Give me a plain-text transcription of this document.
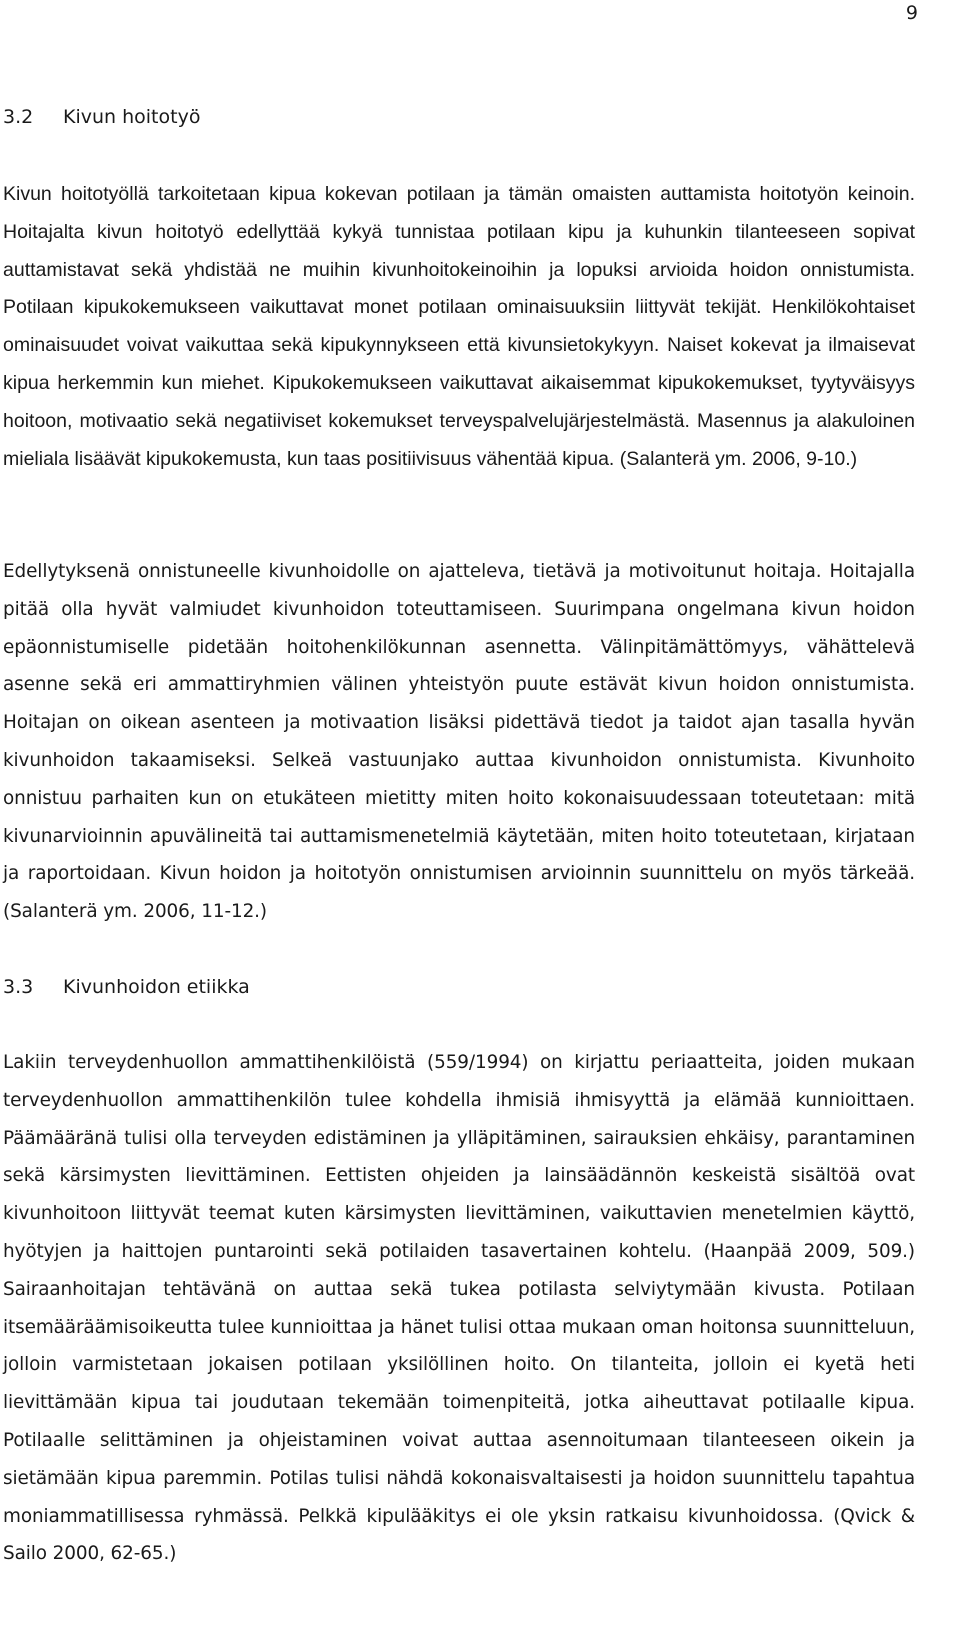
9

3.2 Kivun hoitotyö

Kivun hoitotyöllä tarkoitetaan kipua kokevan potilaan ja tämän omaisten auttamista hoitotyön keinoin. Hoitajalta kivun hoitotyö edellyttää kykyä tunnistaa potilaan kipu ja kuhunkin tilanteeseen sopivat auttamistavat sekä yhdistää ne muihin kivunhoitokeinoihin ja lopuksi arvioida hoidon onnistumista. Potilaan kipukokemukseen vaikuttavat monet potilaan ominaisuuksiin liittyvät tekijät. Henkilökohtaiset ominaisuudet voivat vaikuttaa sekä kipukynnykseen että kivunsietokykyyn. Naiset kokevat ja ilmaisevat kipua herkemmin kun miehet. Kipukokemukseen vaikuttavat aikaisemmat kipukokemukset, tyytyväisyys hoitoon, motivaatio sekä negatiiviset kokemukset terveyspalvelujärjestelmästä. Masennus ja alakuloinen mieliala lisäävät kipukokemusta, kun taas positiivisuus vähentää kipua. (Salanterä ym. 2006, 9-10.)

Edellytyksenä onnistuneelle kivunhoidolle on ajatteleva, tietävä ja motivoitunut hoitaja. Hoitajalla pitää olla hyvät valmiudet kivunhoidon toteuttamiseen. Suurimpana ongelmana kivun hoidon epäonnistumiselle pidetään hoitohenkilökunnan asennetta. Välinpitämättömyys, vähättelevä asenne sekä eri ammattiryhmien välinen yhteistyön puute estävät kivun hoidon onnistumista. Hoitajan on oikean asenteen ja motivaation lisäksi pidettävä tiedot ja taidot ajan tasalla hyvän kivunhoidon takaamiseksi. Selkeä vastuunjako auttaa kivunhoidon onnistumista. Kivunhoito onnistuu parhaiten kun on etukäteen mietitty miten hoito kokonaisuudessaan toteutetaan: mitä kivunarvioinnin apuvälineitä tai auttamismenetelmiä käytetään, miten hoito toteutetaan, kirjataan ja raportoidaan. Kivun hoidon ja hoitotyön onnistumisen arvioinnin suunnittelu on myös tärkeää. (Salanterä ym. 2006, 11-12.)

3.3 Kivunhoidon etiikka

Lakiin terveydenhuollon ammattihenkilöistä (559/1994) on kirjattu periaatteita, joiden mukaan terveydenhuollon ammattihenkilön tulee kohdella ihmisiä ihmisyyttä ja elämää kunnioittaen. Päämääränä tulisi olla terveyden edistäminen ja ylläpitäminen, sairauksien ehkäisy, parantaminen sekä kärsimysten lievittäminen. Eettisten ohjeiden ja lainsäädännön keskeistä sisältöä ovat kivunhoitoon liittyvät teemat kuten kärsimysten lievittäminen, vaikuttavien menetelmien käyttö, hyötyjen ja haittojen puntarointi sekä potilaiden tasavertainen kohtelu. (Haanpää 2009, 509.) Sairaanhoitajan tehtävänä on auttaa sekä tukea potilasta selviytymään kivusta. Potilaan itsemääräämisoikeutta tulee kunnioittaa ja hänet tulisi ottaa mukaan oman hoitonsa suunnitteluun, jolloin varmistetaan jokaisen potilaan yksilöllinen hoito. On tilanteita, jolloin ei kyetä heti lievittämään kipua tai joudutaan tekemään toimenpiteitä, jotka aiheuttavat potilaalle kipua. Potilaalle selittäminen ja ohjeistaminen voivat auttaa asennoitumaan tilanteeseen oikein ja sietämään kipua paremmin. Potilas tulisi nähdä kokonaisvaltaisesti ja hoidon suunnittelu tapahtua moniammatillisessa ryhmässä. Pelkkä kipulääkitys ei ole yksin ratkaisu kivunhoidossa. (Qvick & Sailo 2000, 62-65.)
